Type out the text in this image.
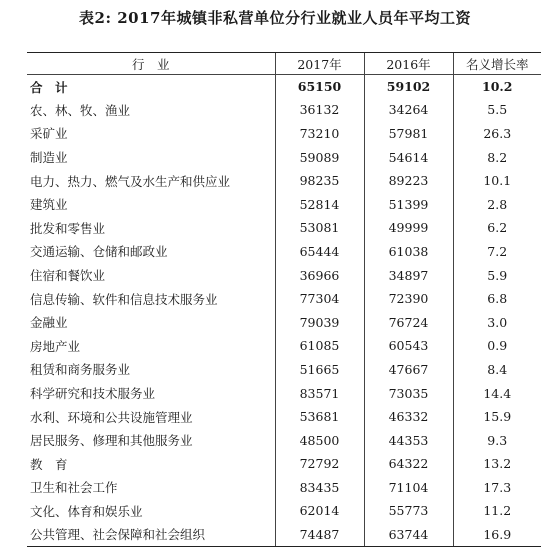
表2: 2017年城镇非私营单位分行业就业人员年平均工资
行　业	2017年	2016年	名义增长率
合　计	65150	59102	10.2
农、林、牧、渔业	36132	34264	5.5
采矿业	73210	57981	26.3
制造业	59089	54614	8.2
电力、热力、燃气及水生产和供应业	98235	89223	10.1
建筑业	52814	51399	2.8
批发和零售业	53081	49999	6.2
交通运输、仓储和邮政业	65444	61038	7.2
住宿和餐饮业	36966	34897	5.9
信息传输、软件和信息技术服务业	77304	72390	6.8
金融业	79039	76724	3.0
房地产业	61085	60543	0.9
租赁和商务服务业	51665	47667	8.4
科学研究和技术服务业	83571	73035	14.4
水利、环境和公共设施管理业	53681	46332	15.9
居民服务、修理和其他服务业	48500	44353	9.3
教　育	72792	64322	13.2
卫生和社会工作	83435	71104	17.3
文化、体育和娱乐业	62014	55773	11.2
公共管理、社会保障和社会组织	74487	63744	16.9
